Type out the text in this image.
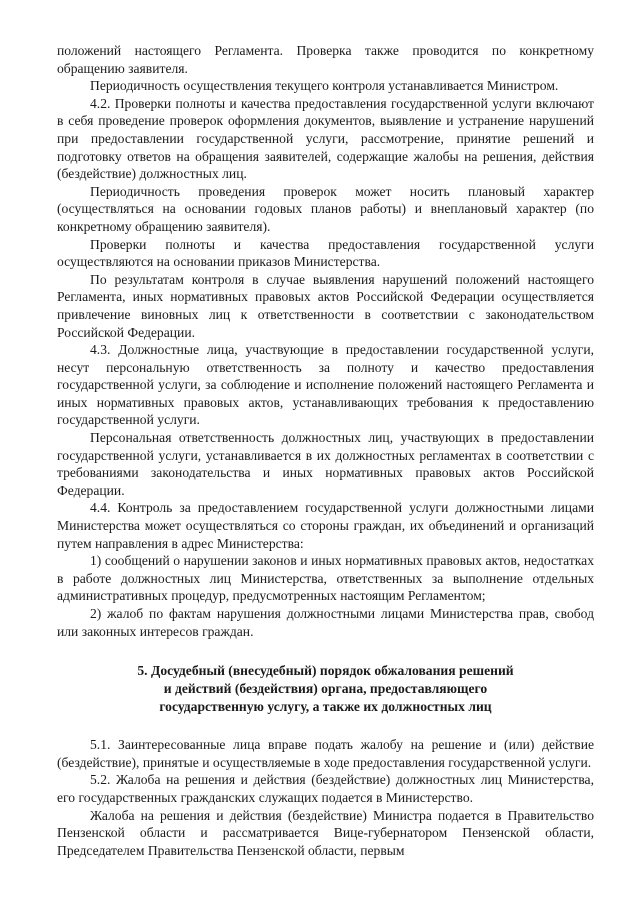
положений настоящего Регламента. Проверка также проводится по конкретному обращению заявителя.

Периодичность осуществления текущего контроля устанавливается Министром.

4.2. Проверки полноты и качества предоставления государственной услуги включают в себя проведение проверок оформления документов, выявление и устранение нарушений при предоставлении государственной услуги, рассмотрение, принятие решений и подготовку ответов на обращения заявителей, содержащие жалобы на решения, действия (бездействие) должностных лиц.

Периодичность проведения проверок может носить плановый характер (осуществляться на основании годовых планов работы) и внеплановый характер (по конкретному обращению заявителя).

Проверки полноты и качества предоставления государственной услуги осуществляются на основании приказов Министерства.

По результатам контроля в случае выявления нарушений положений настоящего Регламента, иных нормативных правовых актов Российской Федерации осуществляется привлечение виновных лиц к ответственности в соответствии с законодательством Российской Федерации.

4.3. Должностные лица, участвующие в предоставлении государственной услуги, несут персональную ответственность за полноту и качество предоставления государственной услуги, за соблюдение и исполнение положений настоящего Регламента и иных нормативных правовых актов, устанавливающих требования к предоставлению государственной услуги.

Персональная ответственность должностных лиц, участвующих в предоставлении государственной услуги, устанавливается в их должностных регламентах в соответствии с требованиями законодательства и иных нормативных правовых актов Российской Федерации.

4.4. Контроль за предоставлением государственной услуги должностными лицами Министерства может осуществляться со стороны граждан, их объединений и организаций путем направления в адрес Министерства:

1) сообщений о нарушении законов и иных нормативных правовых актов, недостатках в работе должностных лиц Министерства, ответственных за выполнение отдельных административных процедур, предусмотренных настоящим Регламентом;

2) жалоб по фактам нарушения должностными лицами Министерства прав, свобод или законных интересов граждан.

5. Досудебный (внесудебный) порядок обжалования решений
и действий (бездействия) органа, предоставляющего
государственную услугу, а также их должностных лиц

5.1. Заинтересованные лица вправе подать жалобу на решение и (или) действие (бездействие), принятые и осуществляемые в ходе предоставления государственной услуги.

5.2. Жалоба на решения и действия (бездействие) должностных лиц Министерства, его государственных гражданских служащих подается в Министерство.

Жалоба на решения и действия (бездействие) Министра подается в Правительство Пензенской области и рассматривается Вице-губернатором Пензенской области, Председателем Правительства Пензенской области, первым
